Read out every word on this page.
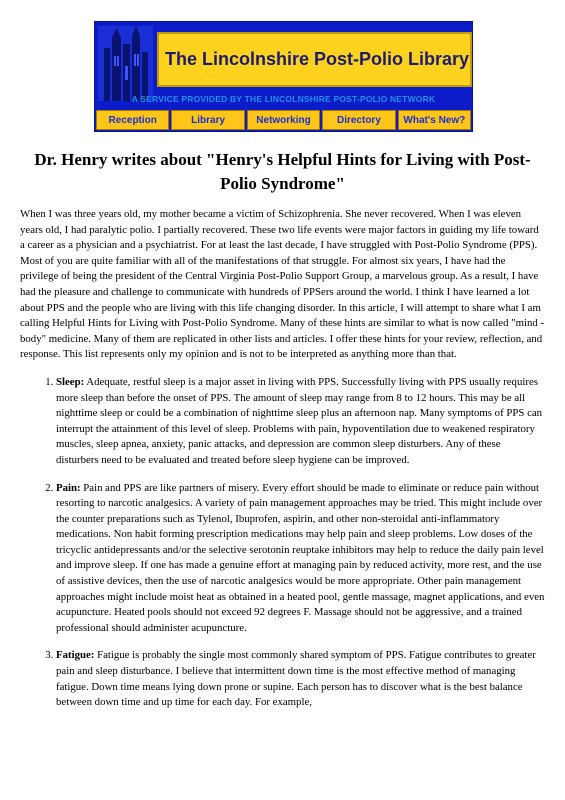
The Lincolnshire Post-Polio Library
A SERVICE PROVIDED BY THE LINCOLNSHIRE POST-POLIO NETWORK
Reception	Library	Networking	Directory	What's New?
Dr. Henry writes about "Henry's Helpful Hints for Living with Post-Polio Syndrome"

When I was three years old, my mother became a victim of Schizophrenia. She never recovered. When I was eleven years old, I had paralytic polio. I partially recovered. These two life events were major factors in guiding my life toward a career as a physician and a psychiatrist. For at least the last decade, I have struggled with Post-Polio Syndrome (PPS). Most of you are quite familiar with all of the manifestations of that struggle. For almost six years, I have had the privilege of being the president of the Central Virginia Post-Polio Support Group, a marvelous group. As a result, I have had the pleasure and challenge to communicate with hundreds of PPSers around the world. I think I have learned a lot about PPS and the people who are living with this life changing disorder. In this article, I will attempt to share what I am calling Helpful Hints for Living with Post-Polio Syndrome. Many of these hints are similar to what is now called "mind - body" medicine. Many of them are replicated in other lists and articles. I offer these hints for your review, reflection, and response. This list represents only my opinion and is not to be interpreted as anything more than that.

1. Sleep: Adequate, restful sleep is a major asset in living with PPS. Successfully living with PPS usually requires more sleep than before the onset of PPS. The amount of sleep may range from 8 to 12 hours. This may be all nighttime sleep or could be a combination of nighttime sleep plus an afternoon nap. Many symptoms of PPS can interrupt the attainment of this level of sleep. Problems with pain, hypoventilation due to weakened respiratory muscles, sleep apnea, anxiety, panic attacks, and depression are common sleep disturbers. Any of these disturbers need to be evaluated and treated before sleep hygiene can be improved.
2. Pain: Pain and PPS are like partners of misery. Every effort should be made to eliminate or reduce pain without resorting to narcotic analgesics. A variety of pain management approaches may be tried. This might include over the counter preparations such as Tylenol, Ibuprofen, aspirin, and other non-steroidal anti-inflammatory medications. Non habit forming prescription medications may help pain and sleep problems. Low doses of the tricyclic antidepressants and/or the selective serotonin reuptake inhibitors may help to reduce the daily pain level and improve sleep. If one has made a genuine effort at managing pain by reduced activity, more rest, and the use of assistive devices, then the use of narcotic analgesics would be more appropriate. Other pain management approaches might include moist heat as obtained in a heated pool, gentle massage, magnet applications, and even acupuncture. Heated pools should not exceed 92 degrees F. Massage should not be aggressive, and a trained professional should administer acupuncture.
3. Fatigue: Fatigue is probably the single most commonly shared symptom of PPS. Fatigue contributes to greater pain and sleep disturbance. I believe that intermittent down time is the most effective method of managing fatigue. Down time means lying down prone or supine. Each person has to discover what is the best balance between down time and up time for each day. For example,
